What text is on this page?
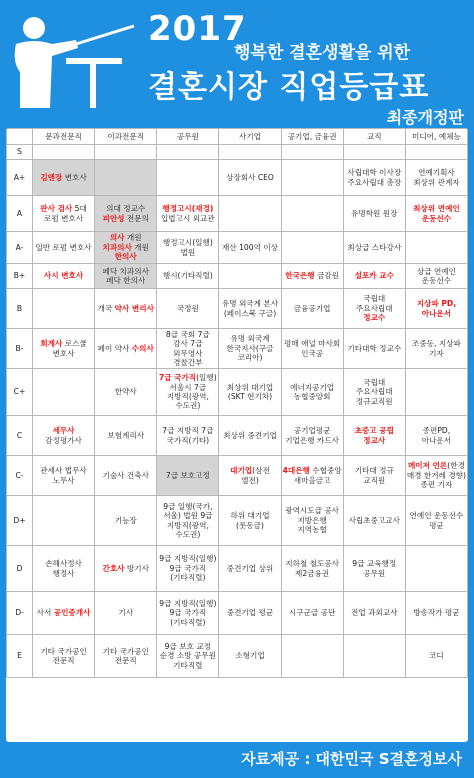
2017
행복한 결혼생활을 위한
결혼시장 직업등급표
최종개정판
	문과전문직	이과전문직	공무원	사기업	공기업, 금융권	교직	미디어, 예체능
S							
A+	김앤장 변호사			상장회사 CEO		사립대학 이사장 주요사립대 총장	연예기획사 최상위 관계자
A	판사 검사 5대 로펌 변호사	의대 정교수 피안성 전문의	행정고시(재경) 입법고시 외교관			유명학원 원장	최상위 연예인 운동선수
A-	일반 로펌 변호사	의사 개원 치과의사 개원 한의사	행정고시(일행) 법원	재산 100억 이상		최상급 스타강사	
B+	사시 변호사	페닥 치과의사 페닥 한의사	행시(기타직렬)		한국은행 금감원	설포카 교수	상급 연예인 운동선수
B		개국 약사 변리사	국정원	유명 외국계 본사(페이스북 구글)	금융공기업	국립대 주요사립대 정교수	지상파 PD, 아나운서
B-	회계사 로스쿨 변호사	페이 약사 수의사	8급 국회 7급 감사 7급 외무영사 경찰간부	유명 외국계 한국지사(구글 코리아)	평매 애널 마사회 인국공	기타대학 정교수	조중동, 지상파 기자
C+		한약사	7급 국가직(일행) 서울시 7급 지방직(광역, 수도권)	최상위 대기업(SKT 현기차)	에너지공기업 농협중앙회	국립대 주요사립대 정규교직원	
C	세무사 감정평가사	보험계리사	7급 지방직 7급 국가직(기타)	최상위 중견기업	공기업평균 기업은행 카드사	초중고 공립 정교사	종편PD, 아나운서
C-	관세사 법무사 노무사	기술사 건축사	7급 보호고정	대기업(삼전 엘전)	4대은행 수협중앙 새마을금고	기타대 정규 교직원	메이저 언론(한경 매경 한겨레 경향) 종편 기자
D+		기능장	9급 일행(국가, 서울) 법원 9급 지방직(광역, 수도권)	하위 대기업(롯동금)	광역시도급 공사 지방은행 지역농협	사립초중고교사	연예인 운동선수 평균
D	손해사정사 행정사	간호사 방기사	9급 지방직(일행) 9급 국가직(기타직렬)	중견기업 상위	지하철 철도공사 제2금융권	9급 교육행정 공무원	
D-	사서 공인중개사	기사	9급 지방직(일행) 9급 국가직(기타직렬)	중견기업 평균	시구군급 공단	전업 과외교사	방송작가 평균
E	기타 국가공인 전문직	기타 국가공인 전문직	9급 보호 교정 순경 소방 공무원 기타직렬	소형기업			코디
자료제공 : 대한민국 S결혼정보사
